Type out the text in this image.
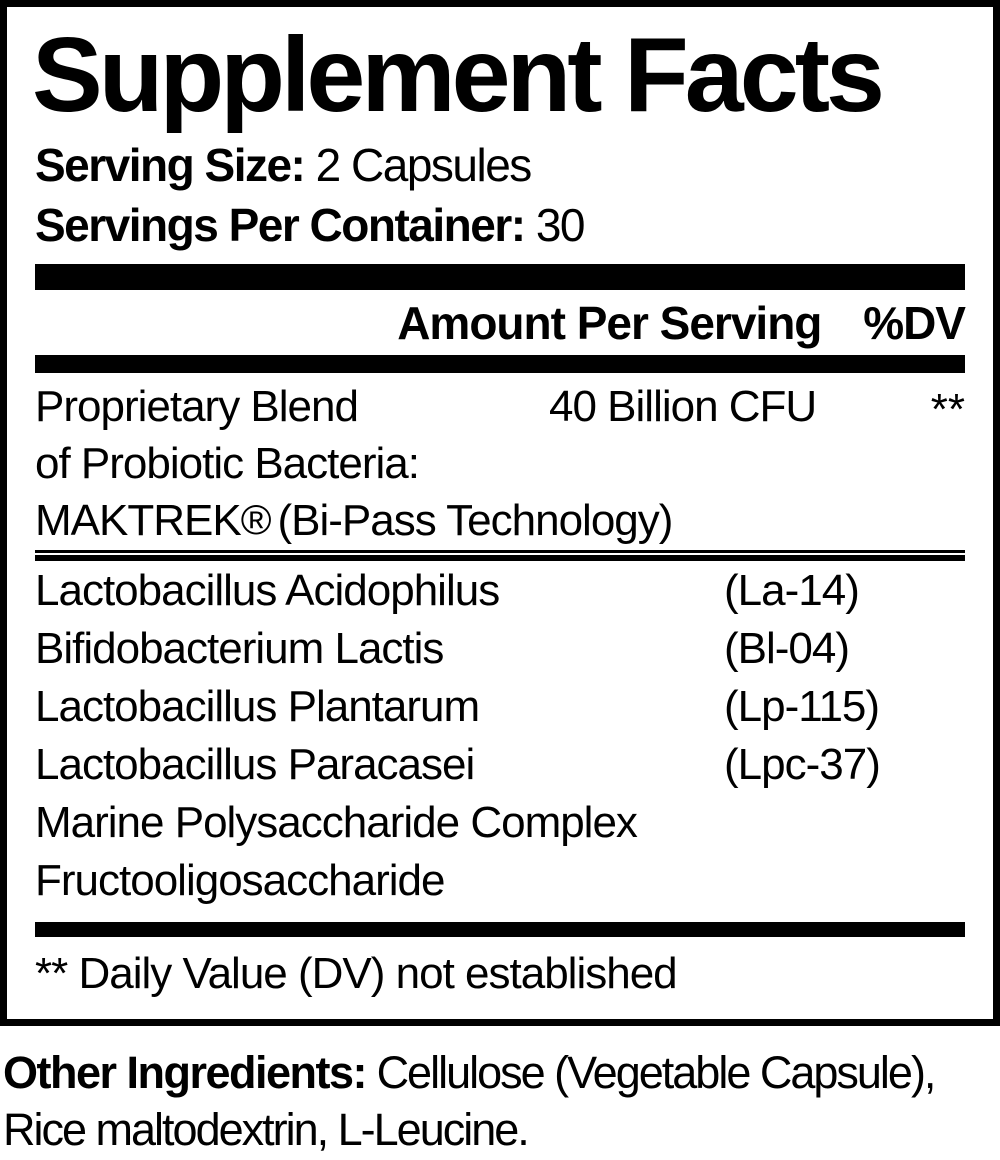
Supplement Facts
Serving Size: 2 Capsules
Servings Per Container: 30
Amount Per Serving %DV
Proprietary Blend
of Probiotic Bacteria:
MAKTREK® (Bi-Pass Technology)
40 Billion CFU	**
Lactobacillus Acidophilus	(La-14)
Bifidobacterium Lactis	(Bl-04)
Lactobacillus Plantarum	(Lp-115)
Lactobacillus Paracasei	(Lpc-37)
Marine Polysaccharide Complex
Fructooligosaccharide
** Daily Value (DV) not established
Other Ingredients: Cellulose (Vegetable Capsule),
Rice maltodextrin, L-Leucine.
